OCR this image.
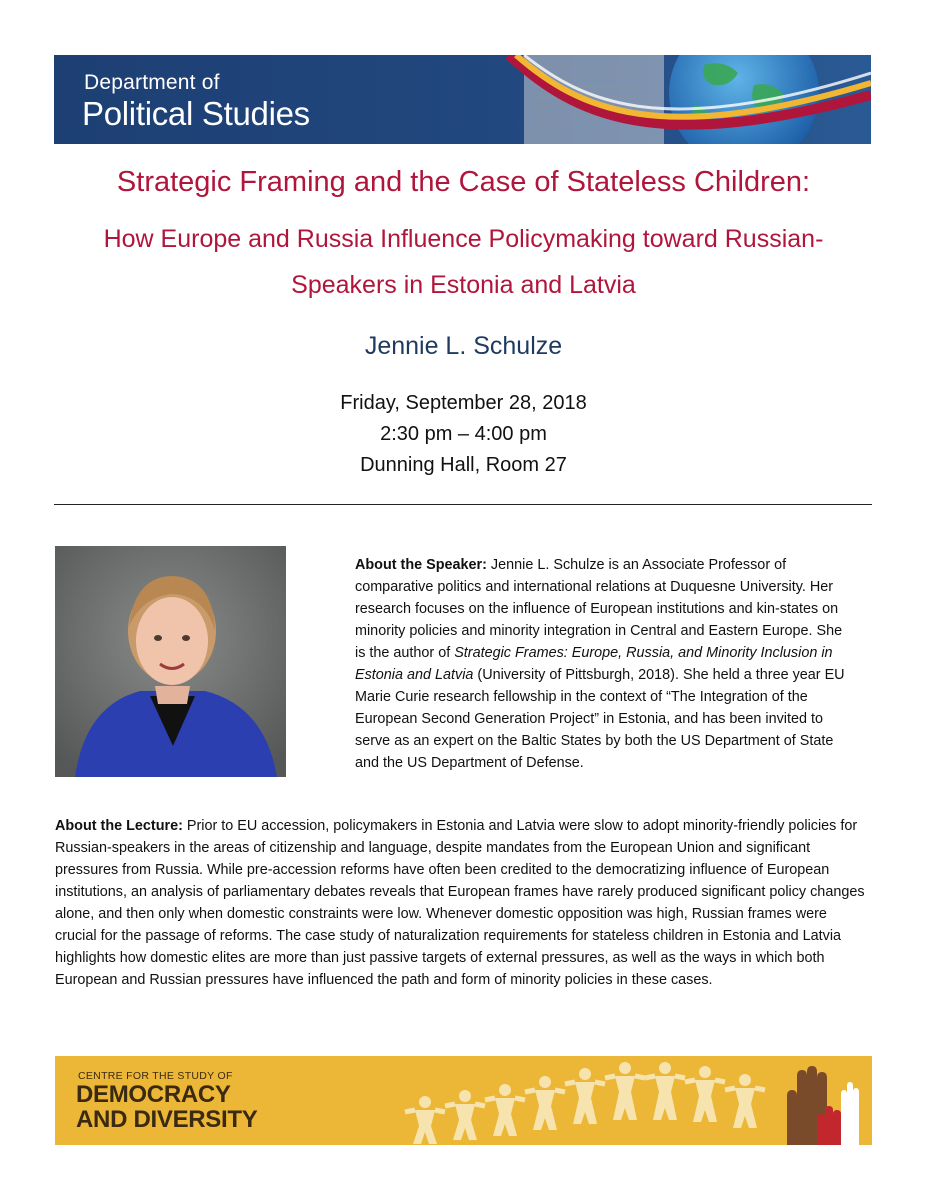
Department of
Political Studies
Strategic Framing and the Case of Stateless Children:
How Europe and Russia Influence Policymaking toward Russian-
Speakers in Estonia and Latvia
Jennie L. Schulze
Friday, September 28, 2018
2:30 pm – 4:00 pm
Dunning Hall, Room 27
About the Speaker: Jennie L. Schulze is an Associate Professor of comparative politics and international relations at Duquesne University. Her research focuses on the influence of European institutions and kin-states on minority policies and minority integration in Central and Eastern Europe. She is the author of Strategic Frames: Europe, Russia, and Minority Inclusion in Estonia and Latvia (University of Pittsburgh, 2018). She held a three year EU Marie Curie research fellowship in the context of “The Integration of the European Second Generation Project” in Estonia, and has been invited to serve as an expert on the Baltic States by both the US Department of State and the US Department of Defense.
About the Lecture: Prior to EU accession, policymakers in Estonia and Latvia were slow to adopt minority-friendly policies for Russian-speakers in the areas of citizenship and language, despite mandates from the European Union and significant pressures from Russia. While pre-accession reforms have often been credited to the democratizing influence of European institutions, an analysis of parliamentary debates reveals that European frames have rarely produced significant policy changes alone, and then only when domestic constraints were low. Whenever domestic opposition was high, Russian frames were crucial for the passage of reforms. The case study of naturalization requirements for stateless children in Estonia and Latvia highlights how domestic elites are more than just passive targets of external pressures, as well as the ways in which both European and Russian pressures have influenced the path and form of minority policies in these cases.
CENTRE FOR THE STUDY OF
DEMOCRACY
AND DIVERSITY
